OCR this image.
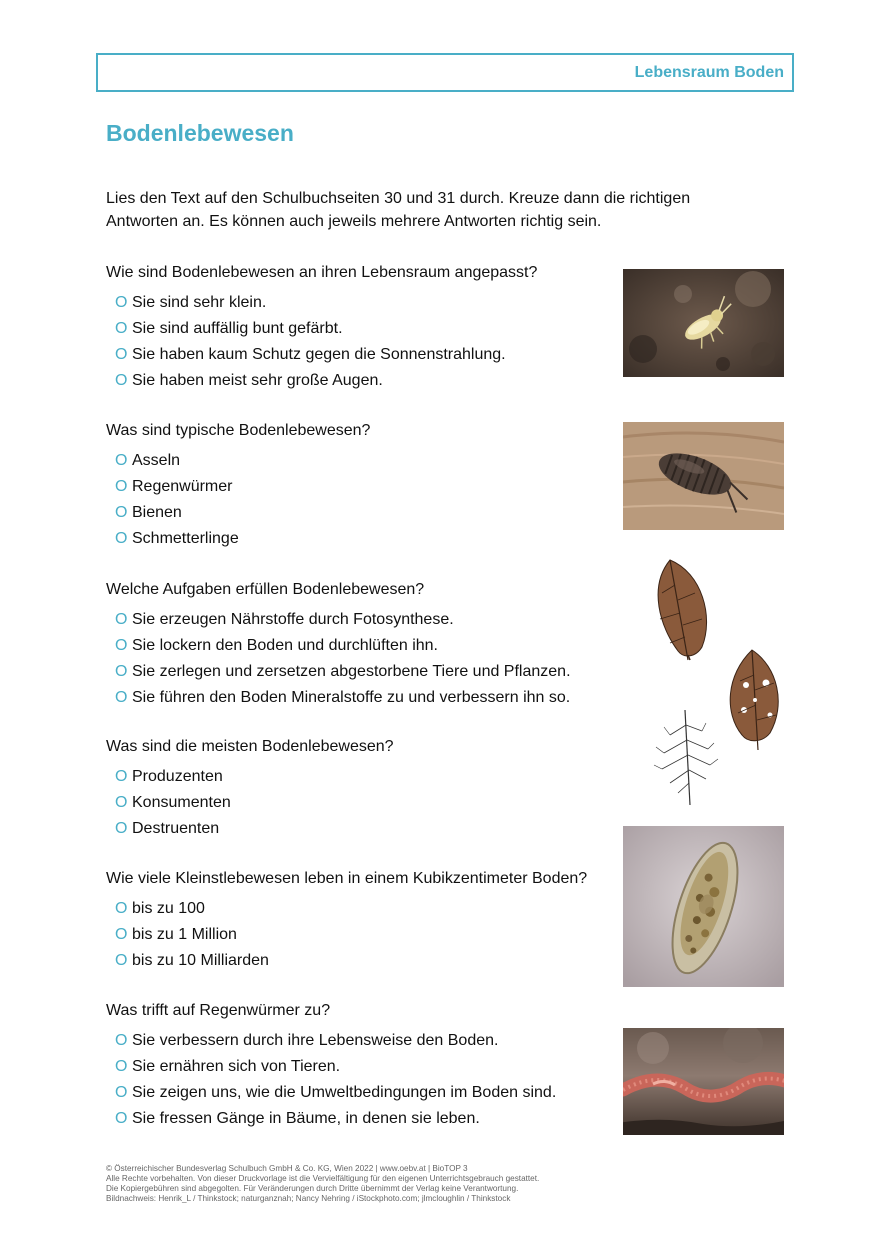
Lebensraum Boden
Bodenlebewesen

Lies den Text auf den Schulbuchseiten 30 und 31 durch. Kreuze dann die richtigen

Antworten an. Es können auch jeweils mehrere Antworten richtig sein.

Wie sind Bodenlebewesen an ihren Lebensraum angepasst?

O Sie sind sehr klein.
O Sie sind auffällig bunt gefärbt.
O Sie haben kaum Schutz gegen die Sonnenstrahlung.
O Sie haben meist sehr große Augen.

Was sind typische Bodenlebewesen?

O Asseln
O Regenwürmer
O Bienen
O Schmetterlinge

Welche Aufgaben erfüllen Bodenlebewesen?

O Sie erzeugen Nährstoffe durch Fotosynthese.
O Sie lockern den Boden und durchlüften ihn.
O Sie zerlegen und zersetzen abgestorbene Tiere und Pflanzen.
O Sie führen den Boden Mineralstoffe zu und verbessern ihn so.

Was sind die meisten Bodenlebewesen?

O Produzenten
O Konsumenten
O Destruenten

Wie viele Kleinstlebewesen leben in einem Kubikzentimeter Boden?

O bis zu 100
O bis zu 1 Million
O bis zu 10 Milliarden

Was trifft auf Regenwürmer zu?

O Sie verbessern durch ihre Lebensweise den Boden.
O Sie ernähren sich von Tieren.
O Sie zeigen uns, wie die Umweltbedingungen im Boden sind.
O Sie fressen Gänge in Bäume, in denen sie leben.

© Österreichischer Bundesverlag Schulbuch GmbH & Co. KG, Wien 2022 | www.oebv.at | BioTOP 3

Alle Rechte vorbehalten. Von dieser Druckvorlage ist die Vervielfältigung für den eigenen Unterrichtsgebrauch gestattet.

Die Kopiergebühren sind abgegolten. Für Veränderungen durch Dritte übernimmt der Verlag keine Verantwortung.

Bildnachweis: Henrik_L / Thinkstock; naturganznah; Nancy Nehring / iStockphoto.com; jlmcloughlin / Thinkstock
